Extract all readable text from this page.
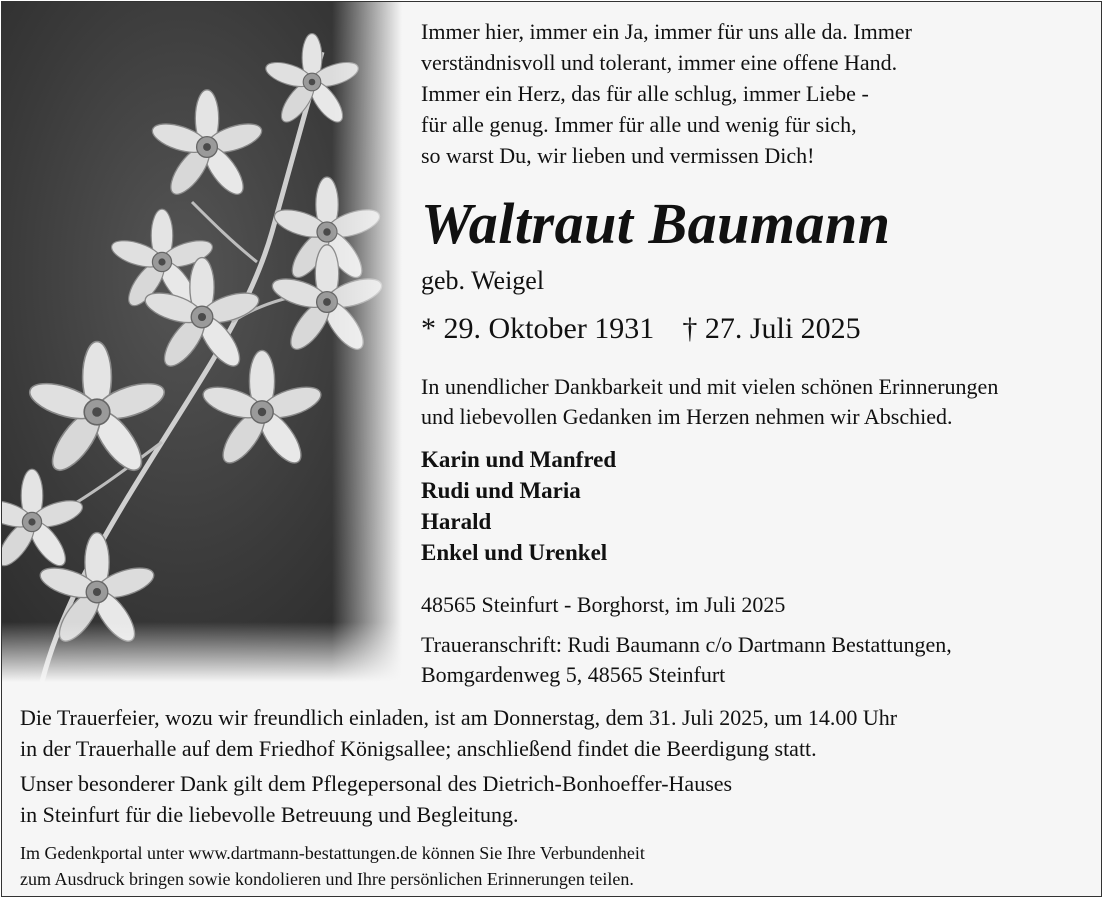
Immer hier, immer ein Ja, immer für uns alle da. Immer
verständnisvoll und tolerant, immer eine offene Hand.
Immer ein Herz, das für alle schlug, immer Liebe -
für alle genug. Immer für alle und wenig für sich,
so warst Du, wir lieben und vermissen Dich!
Waltraut Baumann
geb. Weigel
* 29. Oktober 1931 † 27. Juli 2025
In unendlicher Dankbarkeit und mit vielen schönen Erinnerungen
und liebevollen Gedanken im Herzen nehmen wir Abschied.
Karin und Manfred
Rudi und Maria
Harald
Enkel und Urenkel
48565 Steinfurt - Borghorst, im Juli 2025
Traueranschrift: Rudi Baumann c/o Dartmann Bestattungen,
Bomgardenweg 5, 48565 Steinfurt
Die Trauerfeier, wozu wir freundlich einladen, ist am Donnerstag, dem 31. Juli 2025, um 14.00 Uhr
in der Trauerhalle auf dem Friedhof Königsallee; anschließend findet die Beerdigung statt.
Unser besonderer Dank gilt dem Pflegepersonal des Dietrich-Bonhoeffer-Hauses
in Steinfurt für die liebevolle Betreuung und Begleitung.
Im Gedenkportal unter www.dartmann-bestattungen.de können Sie Ihre Verbundenheit
zum Ausdruck bringen sowie kondolieren und Ihre persönlichen Erinnerungen teilen.
